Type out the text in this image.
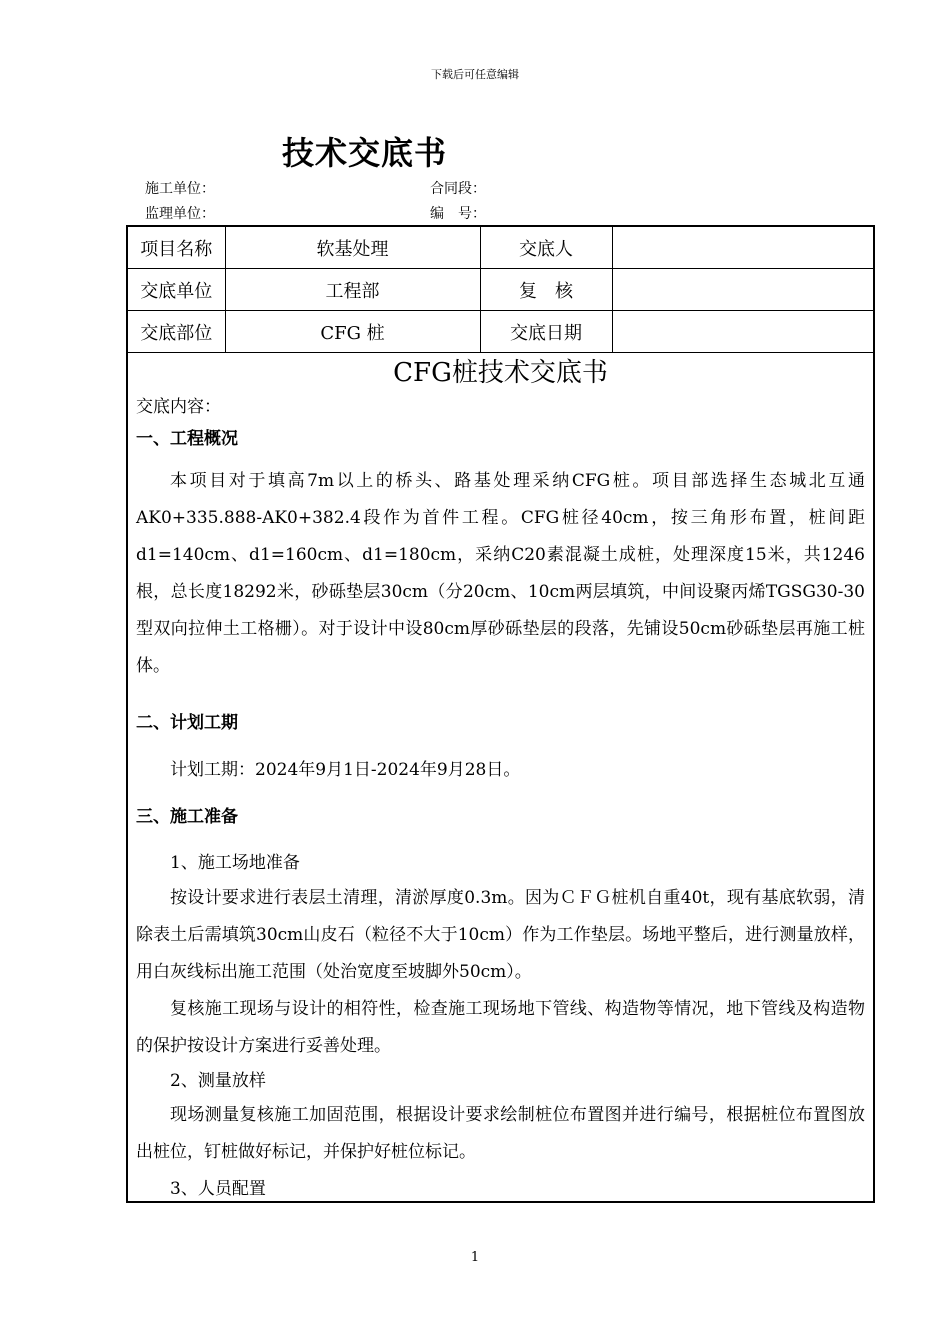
下载后可任意编辑
技术交底书
施工单位：	合同段：
监理单位：	编　号：
项目名称	软基处理	交底人	
交底单位	工程部	复　核	
交底部位	CFG 桩	交底日期	
CFG桩技术交底书
交底内容：
一、工程概况
本项目对于填高7m以上的桥头、路基处理采纳CFG桩。项目部选择生态城北互通AK0+335.888-AK0+382.4段作为首件工程。CFG桩径40cm，按三角形布置，桩间距d1=140cm、d1=160cm、d1=180cm，采纳C20素混凝土成桩，处理深度15米，共1246根，总长度18292米，砂砾垫层30cm（分20cm、10cm两层填筑，中间设聚丙烯TGSG30-30型双向拉伸土工格栅）。对于设计中设80cm厚砂砾垫层的段落，先铺设50cm砂砾垫层再施工桩体。
二、计划工期
计划工期：2024年9月1日-2024年9月28日。
三、施工准备
1、施工场地准备
按设计要求进行表层土清理，清淤厚度0.3m。因为ＣＦＧ桩机自重40t，现有基底软弱，清除表土后需填筑30cm山皮石（粒径不大于10cm）作为工作垫层。场地平整后，进行测量放样，用白灰线标出施工范围（处治宽度至坡脚外50cm）。
复核施工现场与设计的相符性，检查施工现场地下管线、构造物等情况，地下管线及构造物的保护按设计方案进行妥善处理。
2、测量放样
现场测量复核施工加固范围，根据设计要求绘制桩位布置图并进行编号，根据桩位布置图放出桩位，钉桩做好标记，并保护好桩位标记。
3、人员配置
1
